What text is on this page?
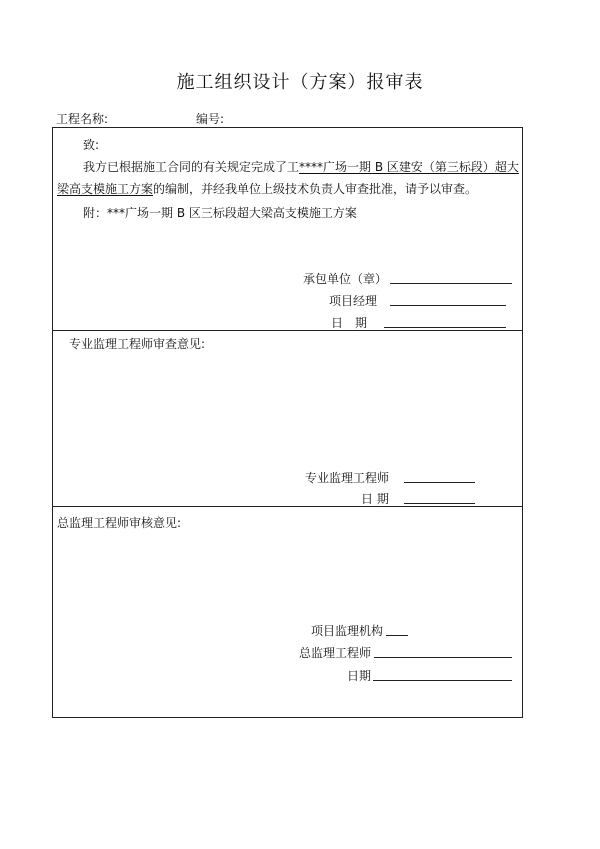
施工组织设计（方案）报审表
工程名称:	编号:
致:
我方已根据施工合同的有关规定完成了工****广场一期 B 区建安（第三标段）超大
梁高支模施工方案的编制，并经我单位上级技术负责人审查批准，请予以审查。
附：***广场一期 B 区三标段超大梁高支模施工方案
承包单位（章）
项目经理
日　期
专业监理工程师审查意见:
专业监理工程师
日 期
总监理工程师审核意见:
项目监理机构
总监理工程师
日期
